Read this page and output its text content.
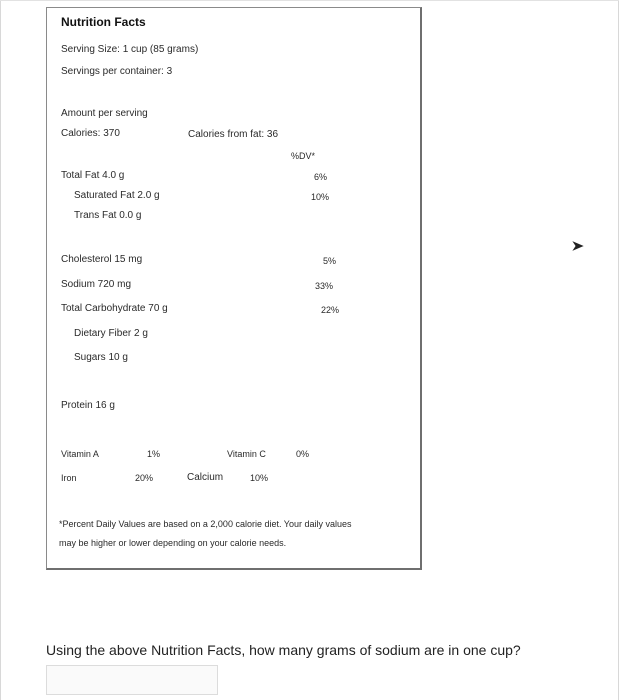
Nutrition Facts
Serving Size: 1 cup (85 grams)
Servings per container: 3
Amount per serving
Calories: 370	Calories from fat: 36
%DV*
Total Fat 4.0 g	6%
Saturated Fat 2.0 g	10%
Trans Fat 0.0 g
Cholesterol 15 mg	5%
Sodium 720 mg	33%
Total Carbohydrate 70 g	22%
Dietary Fiber 2 g
Sugars 10 g
Protein 16 g
Vitamin A	1%	Vitamin C	0%
Iron	20%	Calcium	10%
*Percent Daily Values are based on a 2,000 calorie diet. Your daily values
may be higher or lower depending on your calorie needs.
Using the above Nutrition Facts, how many grams of sodium are in one cup?
